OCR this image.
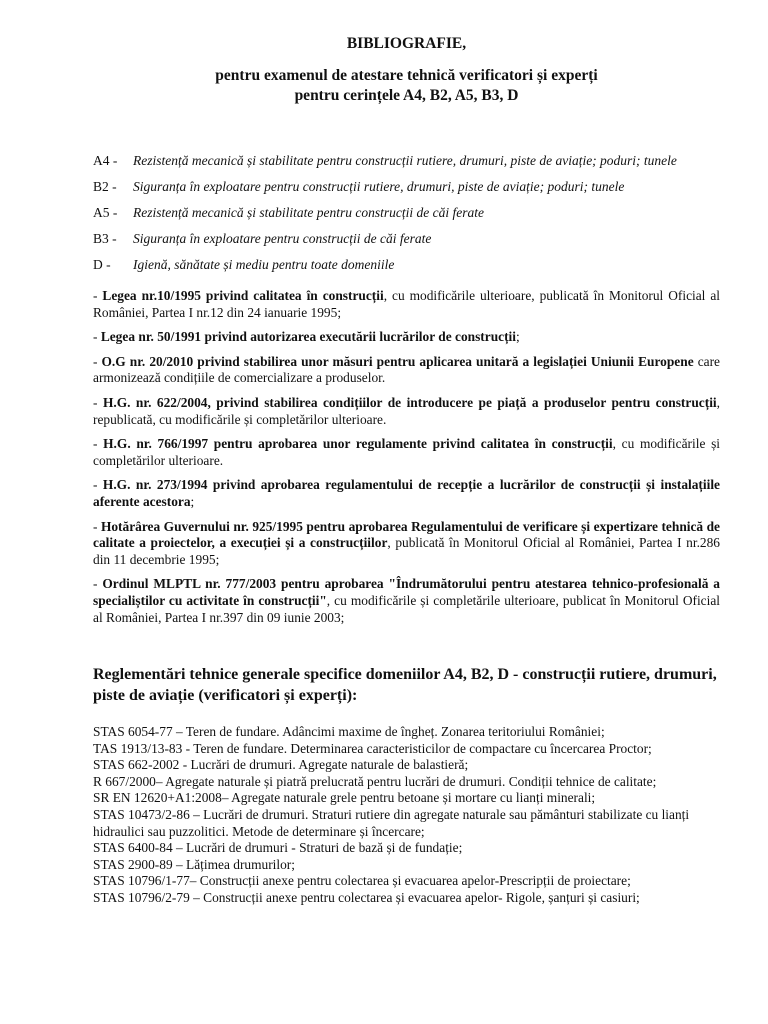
BIBLIOGRAFIE,
pentru examenul de atestare tehnică verificatori și experți
pentru cerințele A4, B2, A5, B3, D
A4 -	Rezistență mecanică și stabilitate pentru construcții rutiere, drumuri, piste de aviație; poduri; tunele
B2 -	Siguranța în exploatare pentru construcții rutiere, drumuri, piste de aviație; poduri; tunele
A5 -	Rezistență mecanică și stabilitate pentru construcții de căi ferate
B3 -	Siguranța în exploatare pentru construcții de căi ferate
D -	Igienă, sănătate și mediu pentru toate domeniile
- Legea nr.10/1995 privind calitatea în construcții, cu modificările ulterioare, publicată în Monitorul Oficial al României, Partea I nr.12 din 24 ianuarie 1995;
- Legea nr. 50/1991 privind autorizarea executării lucrărilor de construcții;
- O.G nr. 20/2010 privind stabilirea unor măsuri pentru aplicarea unitară a legislației Uniunii Europene care armonizează condițiile de comercializare a produselor.
- H.G. nr. 622/2004, privind stabilirea condițiilor de introducere pe piață a produselor pentru construcții, republicată, cu modificările și completărilor ulterioare.
- H.G. nr. 766/1997 pentru aprobarea unor regulamente privind calitatea în construcții, cu modificările și completărilor ulterioare.
- H.G. nr. 273/1994 privind aprobarea regulamentului de recepție a lucrărilor de construcții și instalațiile aferente acestora;
- Hotărârea Guvernului nr. 925/1995 pentru aprobarea Regulamentului de verificare și expertizare tehnică de calitate a proiectelor, a execuției și a construcțiilor, publicată în Monitorul Oficial al României, Partea I nr.286 din 11 decembrie 1995;
- Ordinul MLPTL nr. 777/2003 pentru aprobarea "Îndrumătorului pentru atestarea tehnico-profesională a specialiștilor cu activitate în construcții", cu modificările și completările ulterioare, publicat în Monitorul Oficial al României, Partea I nr.397 din 09 iunie 2003;
Reglementări tehnice generale specifice domeniilor A4, B2, D - construcții rutiere, drumuri, piste de aviație (verificatori și experți):
STAS 6054-77 – Teren de fundare. Adâncimi maxime de îngheț. Zonarea teritoriului României;
TAS 1913/13-83 - Teren de fundare. Determinarea caracteristicilor de compactare cu încercarea Proctor;
STAS 662-2002 - Lucrări de drumuri. Agregate naturale de balastieră;
R 667/2000– Agregate naturale și piatră prelucrată pentru lucrări de drumuri. Condiții tehnice de calitate;
SR EN 12620+A1:2008– Agregate naturale grele pentru betoane și mortare cu lianți minerali;
STAS 10473/2-86 – Lucrări de drumuri. Straturi rutiere din agregate naturale sau pământuri stabilizate cu lianți hidraulici sau puzzolitici. Metode de determinare și încercare;
STAS 6400-84 – Lucrări de drumuri - Straturi de bază și de fundație;
STAS 2900-89 – Lățimea drumurilor;
STAS 10796/1-77– Construcții anexe pentru colectarea și evacuarea apelor-Prescripții de proiectare;
STAS 10796/2-79 – Construcții anexe pentru colectarea și evacuarea apelor- Rigole, șanțuri și casiuri;
